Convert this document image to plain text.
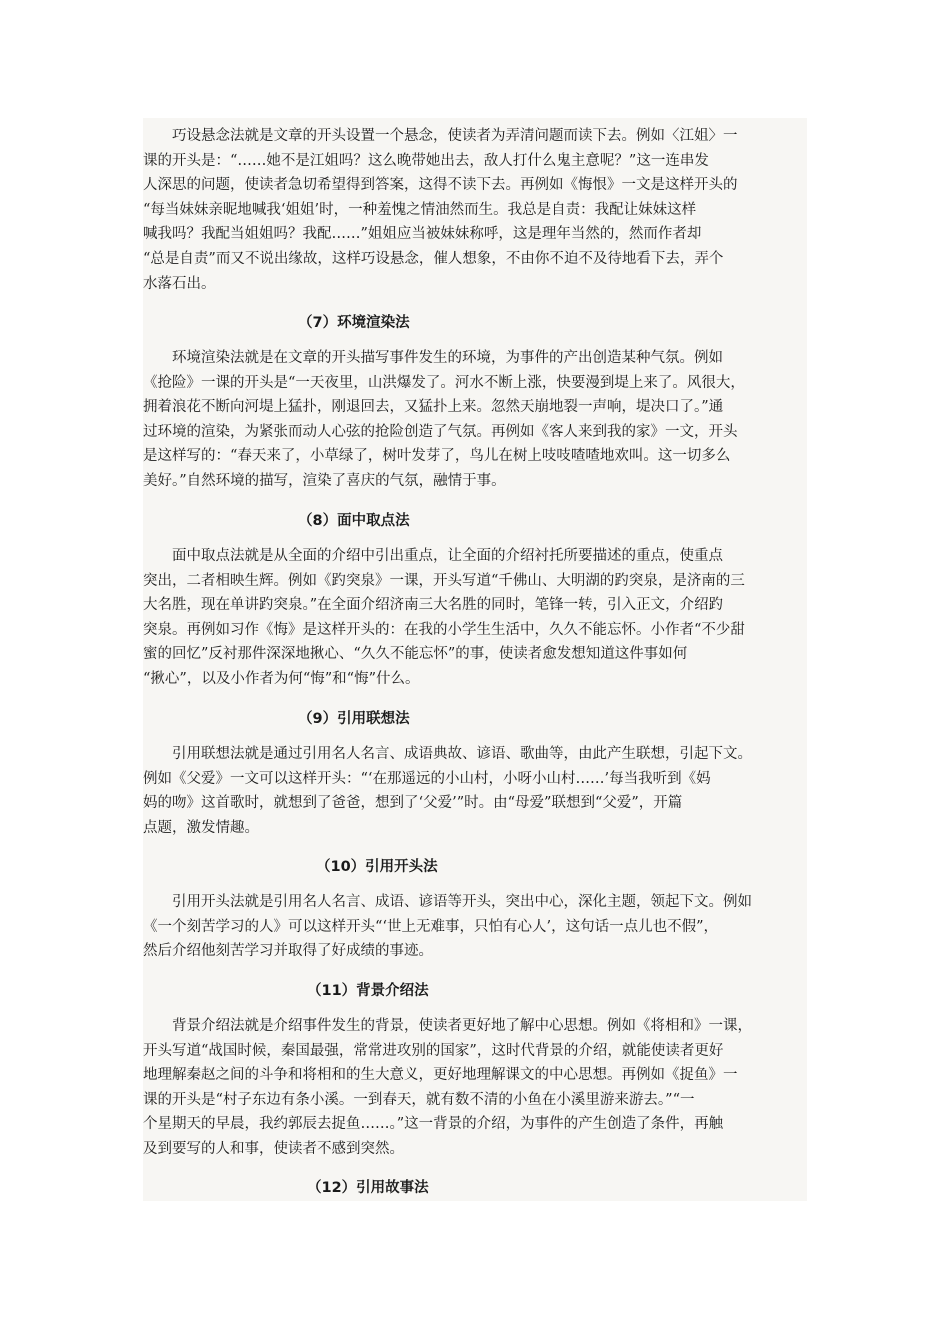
　　巧设悬念法就是文章的开头设置一个悬念，使读者为弄清问题而读下去。例如〈江姐〉一
课的开头是：“……她不是江姐吗？这么晚带她出去，敌人打什么鬼主意呢？”这一连串发
人深思的问题，使读者急切希望得到答案，这得不读下去。再例如《悔恨》一文是这样开头的
“每当妹妹亲昵地喊我‘姐姐’时，一种羞愧之情油然而生。我总是自责：我配让妹妹这样
喊我吗？我配当姐姐吗？我配……”姐姐应当被妹妹称呼，这是理年当然的，然而作者却
“总是自责”而又不说出缘故，这样巧设悬念，催人想象，不由你不迫不及待地看下去，弄个
水落石出。
（7）环境渲染法
　　环境渲染法就是在文章的开头描写事件发生的环境，为事件的产出创造某种气氛。例如
《抢险》一课的开头是“一天夜里，山洪爆发了。河水不断上涨，快要漫到堤上来了。风很大，
拥着浪花不断向河堤上猛扑，刚退回去，又猛扑上来。忽然天崩地裂一声响，堤决口了。”通
过环境的渲染，为紧张而动人心弦的抢险创造了气氛。再例如《客人来到我的家》一文，开头
是这样写的：“春天来了，小草绿了，树叶发芽了，鸟儿在树上吱吱喳喳地欢叫。这一切多么
美好。”自然环境的描写，渲染了喜庆的气氛，融情于事。
（8）面中取点法
　　面中取点法就是从全面的介绍中引出重点，让全面的介绍衬托所要描述的重点，使重点
突出，二者相映生辉。例如《趵突泉》一课，开头写道“千佛山、大明湖的趵突泉，是济南的三
大名胜，现在单讲趵突泉。”在全面介绍济南三大名胜的同时，笔锋一转，引入正文，介绍趵
突泉。再例如习作《悔》是这样开头的：在我的小学生生活中，久久不能忘怀。小作者“不少甜
蜜的回忆”反衬那件深深地揪心、“久久不能忘怀”的事，使读者愈发想知道这件事如何
“揪心”，以及小作者为何“悔”和“悔”什么。
（9）引用联想法
　　引用联想法就是通过引用名人名言、成语典故、谚语、歌曲等，由此产生联想，引起下文。
例如《父爱》一文可以这样开头：“‘在那遥远的小山村，小呀小山村……’每当我听到《妈
妈的吻》这首歌时，就想到了爸爸，想到了‘父爱’”时。由“母爱”联想到“父爱”，开篇
点题，激发情趣。
（10）引用开头法
　　引用开头法就是引用名人名言、成语、谚语等开头，突出中心，深化主题，领起下文。例如
《一个刻苦学习的人》可以这样开头“‘世上无难事，只怕有心人’，这句话一点儿也不假”，
然后介绍他刻苦学习并取得了好成绩的事迹。
（11）背景介绍法
　　背景介绍法就是介绍事件发生的背景，使读者更好地了解中心思想。例如《将相和》一课，
开头写道“战国时候，秦国最强，常常进攻别的国家”，这时代背景的介绍，就能使读者更好
地理解秦赵之间的斗争和将相和的生大意义，更好地理解课文的中心思想。再例如《捉鱼》一
课的开头是“村子东边有条小溪。一到春天，就有数不清的小鱼在小溪里游来游去。”“一
个星期天的早晨，我约郭辰去捉鱼……。”这一背景的介绍，为事件的产生创造了条件，再触
及到要写的人和事，使读者不感到突然。
（12）引用故事法
